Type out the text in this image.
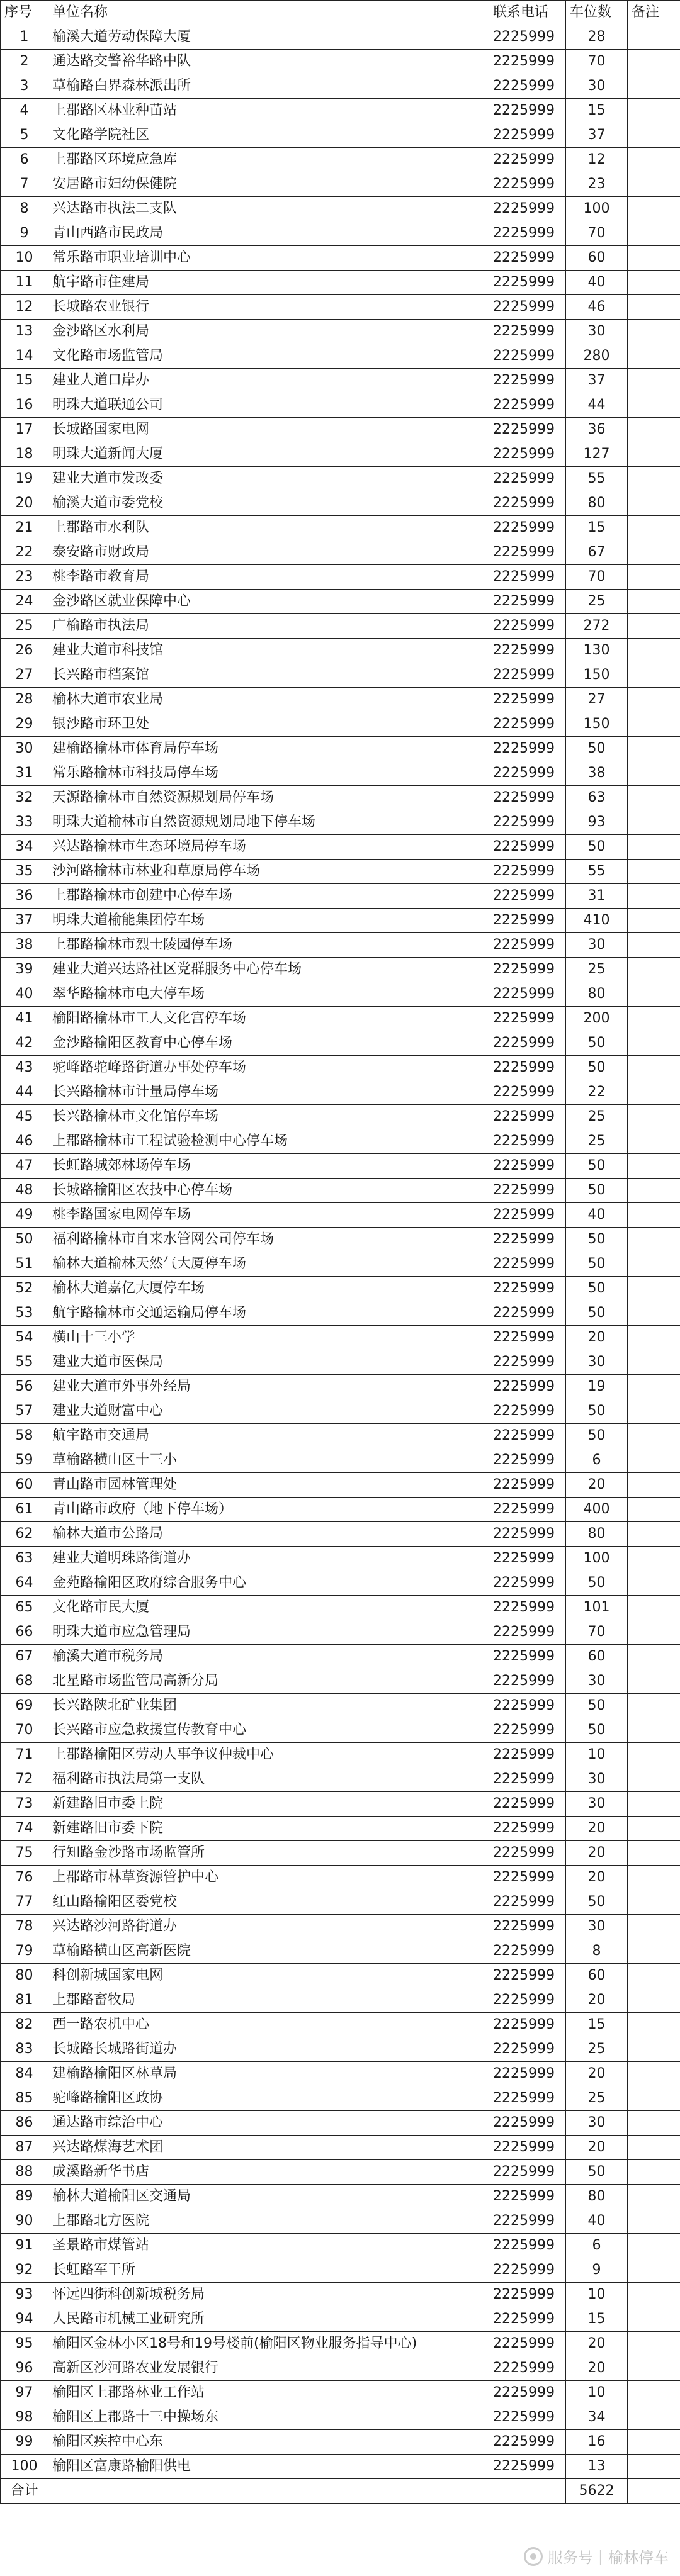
序号	单位名称	联系电话	车位数	备注
1	榆溪大道劳动保障大厦	2225999	28	
2	通达路交警裕华路中队	2225999	70	
3	草榆路白界森林派出所	2225999	30	
4	上郡路区林业种苗站	2225999	15	
5	文化路学院社区	2225999	37	
6	上郡路区环境应急库	2225999	12	
7	安居路市妇幼保健院	2225999	23	
8	兴达路市执法二支队	2225999	100	
9	青山西路市民政局	2225999	70	
10	常乐路市职业培训中心	2225999	60	
11	航宇路市住建局	2225999	40	
12	长城路农业银行	2225999	46	
13	金沙路区水利局	2225999	30	
14	文化路市场监管局	2225999	280	
15	建业人道口岸办	2225999	37	
16	明珠大道联通公司	2225999	44	
17	长城路国家电网	2225999	36	
18	明珠大道新闻大厦	2225999	127	
19	建业大道市发改委	2225999	55	
20	榆溪大道市委党校	2225999	80	
21	上郡路市水利队	2225999	15	
22	泰安路市财政局	2225999	67	
23	桃李路市教育局	2225999	70	
24	金沙路区就业保障中心	2225999	25	
25	广榆路市执法局	2225999	272	
26	建业大道市科技馆	2225999	130	
27	长兴路市档案馆	2225999	150	
28	榆林大道市农业局	2225999	27	
29	银沙路市环卫处	2225999	150	
30	建榆路榆林市体育局停车场	2225999	50	
31	常乐路榆林市科技局停车场	2225999	38	
32	天源路榆林市自然资源规划局停车场	2225999	63	
33	明珠大道榆林市自然资源规划局地下停车场	2225999	93	
34	兴达路榆林市生态环境局停车场	2225999	50	
35	沙河路榆林市林业和草原局停车场	2225999	55	
36	上郡路榆林市创建中心停车场	2225999	31	
37	明珠大道榆能集团停车场	2225999	410	
38	上郡路榆林市烈士陵园停车场	2225999	30	
39	建业大道兴达路社区党群服务中心停车场	2225999	25	
40	翠华路榆林市电大停车场	2225999	80	
41	榆阳路榆林市工人文化宫停车场	2225999	200	
42	金沙路榆阳区教育中心停车场	2225999	50	
43	驼峰路驼峰路街道办事处停车场	2225999	50	
44	长兴路榆林市计量局停车场	2225999	22	
45	长兴路榆林市文化馆停车场	2225999	25	
46	上郡路榆林市工程试验检测中心停车场	2225999	25	
47	长虹路城郊林场停车场	2225999	50	
48	长城路榆阳区农技中心停车场	2225999	50	
49	桃李路国家电网停车场	2225999	40	
50	福利路榆林市自来水管网公司停车场	2225999	50	
51	榆林大道榆林天然气大厦停车场	2225999	50	
52	榆林大道嘉亿大厦停车场	2225999	50	
53	航宇路榆林市交通运输局停车场	2225999	50	
54	横山十三小学	2225999	20	
55	建业大道市医保局	2225999	30	
56	建业大道市外事外经局	2225999	19	
57	建业大道财富中心	2225999	50	
58	航宇路市交通局	2225999	50	
59	草榆路横山区十三小	2225999	6	
60	青山路市园林管理处	2225999	20	
61	青山路市政府（地下停车场）	2225999	400	
62	榆林大道市公路局	2225999	80	
63	建业大道明珠路街道办	2225999	100	
64	金苑路榆阳区政府综合服务中心	2225999	50	
65	文化路市民大厦	2225999	101	
66	明珠大道市应急管理局	2225999	70	
67	榆溪大道市税务局	2225999	60	
68	北星路市场监管局高新分局	2225999	30	
69	长兴路陕北矿业集团	2225999	50	
70	长兴路市应急救援宣传教育中心	2225999	50	
71	上郡路榆阳区劳动人事争议仲裁中心	2225999	10	
72	福利路市执法局第一支队	2225999	30	
73	新建路旧市委上院	2225999	30	
74	新建路旧市委下院	2225999	20	
75	行知路金沙路市场监管所	2225999	20	
76	上郡路市林草资源管护中心	2225999	20	
77	红山路榆阳区委党校	2225999	50	
78	兴达路沙河路街道办	2225999	30	
79	草榆路横山区高新医院	2225999	8	
80	科创新城国家电网	2225999	60	
81	上郡路畜牧局	2225999	20	
82	西一路农机中心	2225999	15	
83	长城路长城路街道办	2225999	25	
84	建榆路榆阳区林草局	2225999	20	
85	驼峰路榆阳区政协	2225999	25	
86	通达路市综治中心	2225999	30	
87	兴达路煤海艺术团	2225999	20	
88	成溪路新华书店	2225999	50	
89	榆林大道榆阳区交通局	2225999	80	
90	上郡路北方医院	2225999	40	
91	圣景路市煤管站	2225999	6	
92	长虹路军干所	2225999	9	
93	怀远四街科创新城税务局	2225999	10	
94	人民路市机械工业研究所	2225999	15	
95	榆阳区金林小区18号和19号楼前(榆阳区物业服务指导中心)	2225999	20	
96	高新区沙河路农业发展银行	2225999	20	
97	榆阳区上郡路林业工作站	2225999	10	
98	榆阳区上郡路十三中操场东	2225999	34	
99	榆阳区疾控中心东	2225999	16	
100	榆阳区富康路榆阳供电	2225999	13	
合计			5622	
服务号 | 榆林停车
